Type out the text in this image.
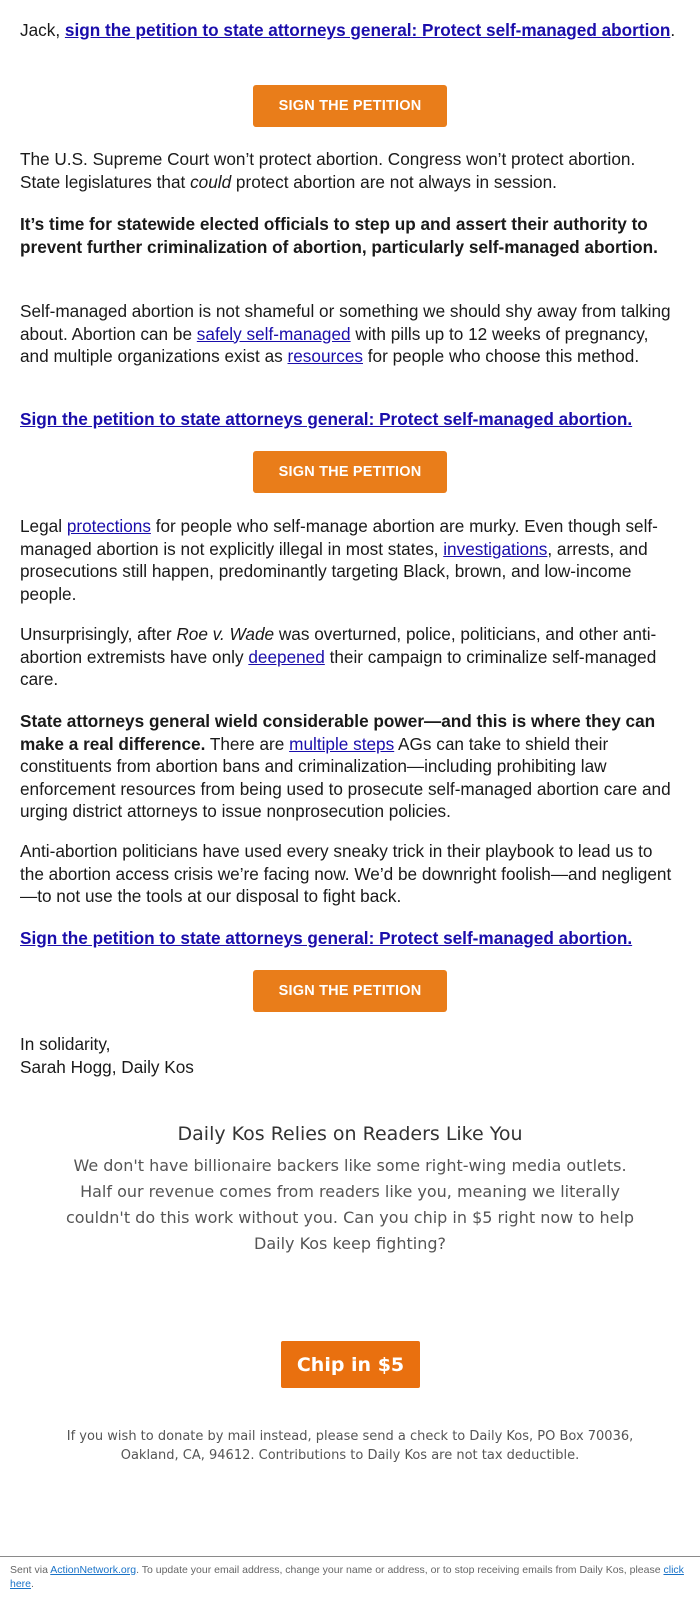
Jack, sign the petition to state attorneys general: Protect self-managed abortion.

SIGN THE PETITION

The U.S. Supreme Court won’t protect abortion. Congress won’t protect abortion. State legislatures that could protect abortion are not always in session.

It’s time for statewide elected officials to step up and assert their authority to prevent further criminalization of abortion, particularly self-managed abortion.

Self-managed abortion is not shameful or something we should shy away from talking about. Abortion can be safely self-managed with pills up to 12 weeks of pregnancy, and multiple organizations exist as resources for people who choose this method.

Sign the petition to state attorneys general: Protect self-managed abortion.

SIGN THE PETITION

Legal protections for people who self-manage abortion are murky. Even though self-managed abortion is not explicitly illegal in most states, investigations, arrests, and prosecutions still happen, predominantly targeting Black, brown, and low-income people.

Unsurprisingly, after Roe v. Wade was overturned, police, politicians, and other anti-abortion extremists have only deepened their campaign to criminalize self-managed care.

State attorneys general wield considerable power—and this is where they can make a real difference. There are multiple steps AGs can take to shield their constituents from abortion bans and criminalization—including prohibiting law enforcement resources from being used to prosecute self-managed abortion care and urging district attorneys to issue nonprosecution policies.

Anti-abortion politicians have used every sneaky trick in their playbook to lead us to the abortion access crisis we’re facing now. We’d be downright foolish—and negligent—to not use the tools at our disposal to fight back.

Sign the petition to state attorneys general: Protect self-managed abortion.

SIGN THE PETITION
In solidarity,
Sarah Hogg, Daily Kos
Daily Kos Relies on Readers Like You
We don't have billionaire backers like some right-wing media outlets. Half our revenue comes from readers like you, meaning we literally couldn't do this work without you. Can you chip in $5 right now to help Daily Kos keep fighting?
Chip in $5
If you wish to donate by mail instead, please send a check to Daily Kos, PO Box 70036, Oakland, CA, 94612. Contributions to Daily Kos are not tax deductible.
Sent via ActionNetwork.org. To update your email address, change your name or address, or to stop receiving emails from Daily Kos, please click here.
